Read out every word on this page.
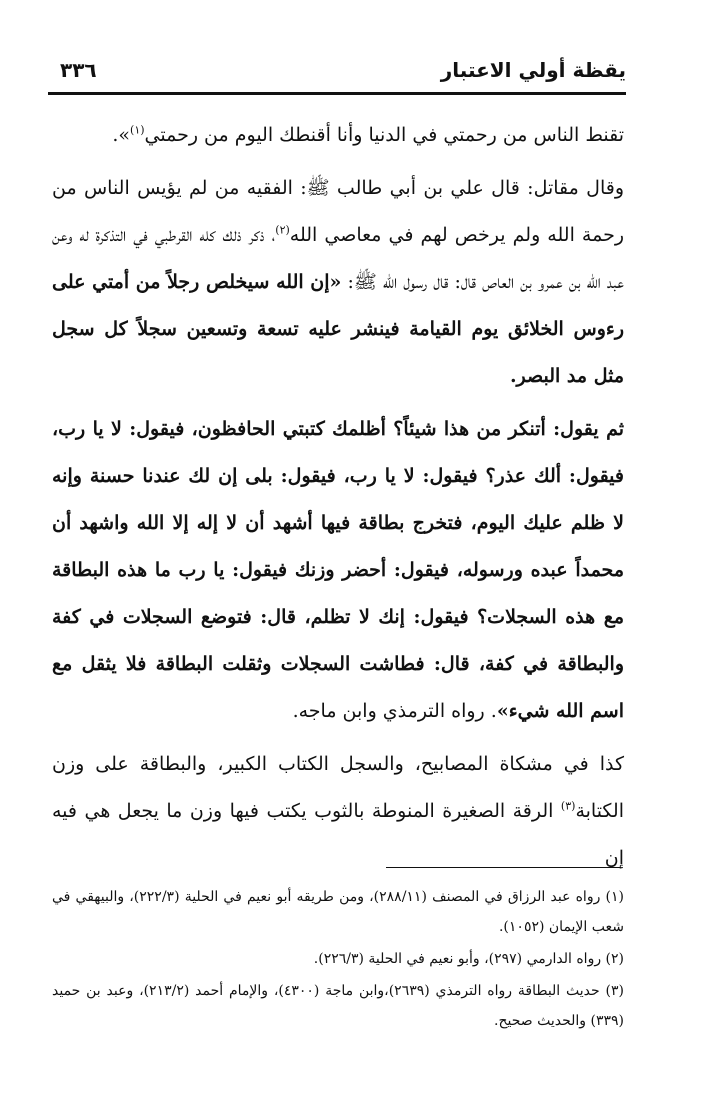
يقظة أولي الاعتبار
٣٣٦

تقنط الناس من رحمتي في الدنيا وأنا أقنطك اليوم من رحمتي$^{(١)}$».

وقال مقاتل: قال علي بن أبي طالب ﷺ: الفقيه من لم يؤيس الناس من رحمة الله ولم يرخص لهم في معاصي الله$^{(٢)}$، ذكر ذلك كله القرطبي في التذكرة له وعن عبد الله بن عمرو بن العاص قال: قال رسول الله ﷺ: «إن الله سيخلص رجلاً من أمتي على رءوس الخلائق يوم القيامة فينشر عليه تسعة وتسعين سجلاً كل سجل مثل مد البصر.

ثم يقول: أتنكر من هذا شيئاً؟ أظلمك كتبتي الحافظون، فيقول: لا يا رب، فيقول: ألك عذر؟ فيقول: لا يا رب، فيقول: بلى إن لك عندنا حسنة وإنه لا ظلم عليك اليوم، فتخرج بطاقة فيها أشهد أن لا إله إلا الله واشهد أن محمداً عبده ورسوله، فيقول: أحضر وزنك فيقول: يا رب ما هذه البطاقة مع هذه السجلات؟ فيقول: إنك لا تظلم، قال: فتوضع السجلات في كفة والبطاقة في كفة، قال: فطاشت السجلات وثقلت البطاقة فلا يثقل مع اسم الله شيء». رواه الترمذي وابن ماجه.

كذا في مشكاة المصابيح، والسجل الكتاب الكبير، والبطاقة على وزن الكتابة$^{(٣)}$ الرقة الصغيرة المنوطة بالثوب يكتب فيها وزن ما يجعل هي فيه إن

(١) رواه عبد الرزاق في المصنف (٢٨٨/١١)، ومن طريقه أبو نعيم في الحلية (٢٢٢/٣)، والبيهقي في شعب الإيمان (١٠٥٢).

(٢) رواه الدارمي (٢٩٧)، وأبو نعيم في الحلية (٢٢٦/٣).

(٣) حديث البطاقة رواه الترمذي (٢٦٣٩)،وابن ماجة (٤٣٠٠)، والإمام أحمد (٢١٣/٢)، وعبد بن حميد (٣٣٩) والحديث صحيح.
